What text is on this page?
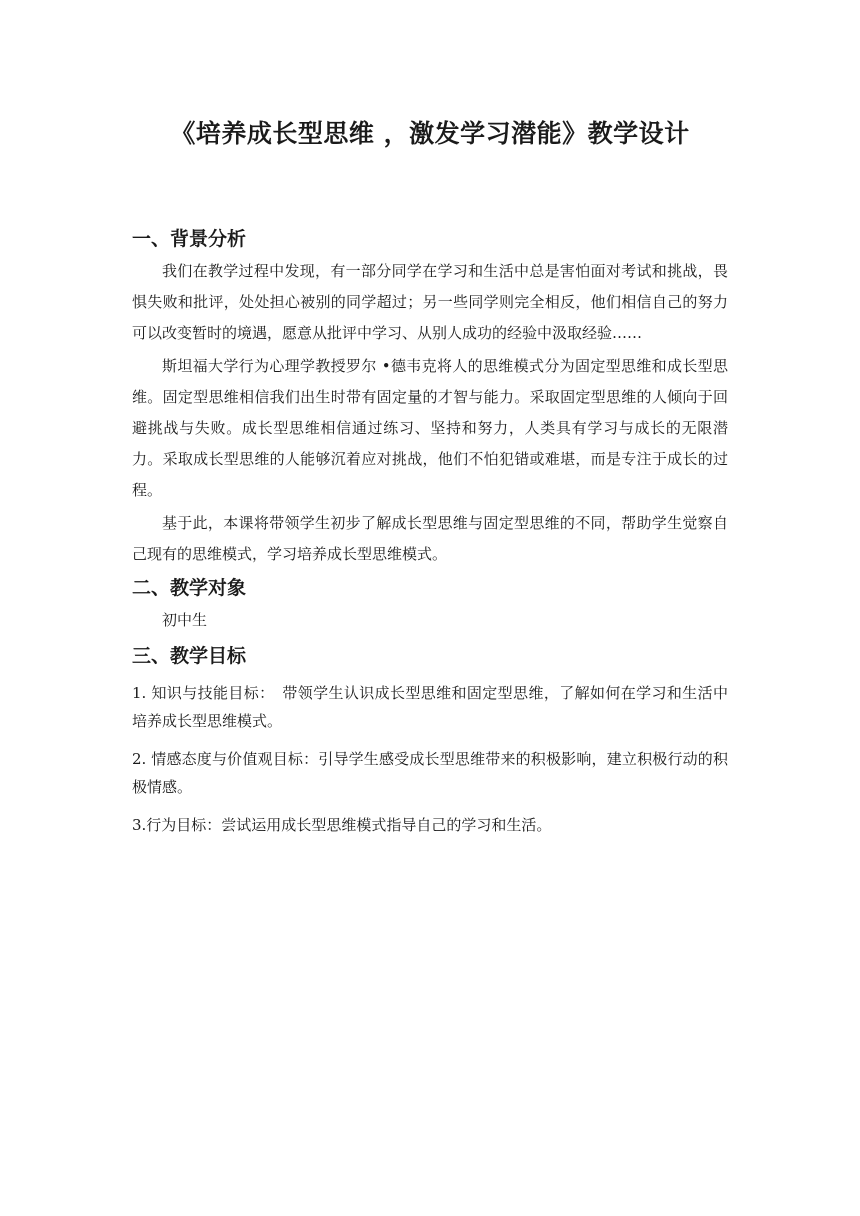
《培养成长型思维 ，激发学习潜能》教学设计
一、背景分析

我们在教学过程中发现，有一部分同学在学习和生活中总是害怕面对考试和挑战，畏惧失败和批评，处处担心被别的同学超过；另一些同学则完全相反，他们相信自己的努力可以改变暂时的境遇，愿意从批评中学习、从别人成功的经验中汲取经验……

斯坦福大学行为心理学教授罗尔 •德韦克将人的思维模式分为固定型思维和成长型思维。固定型思维相信我们出生时带有固定量的才智与能力。采取固定型思维的人倾向于回避挑战与失败。成长型思维相信通过练习、坚持和努力，人类具有学习与成长的无限潜力。采取成长型思维的人能够沉着应对挑战，他们不怕犯错或难堪，而是专注于成长的过程。

基于此，本课将带领学生初步了解成长型思维与固定型思维的不同，帮助学生觉察自己现有的思维模式，学习培养成长型思维模式。

二、教学对象

初中生

三、教学目标

1. 知识与技能目标：　带领学生认识成长型思维和固定型思维，了解如何在学习和生活中培养成长型思维模式。

2. 情感态度与价值观目标：引导学生感受成长型思维带来的积极影响，建立积极行动的积极情感。

3.行为目标：尝试运用成长型思维模式指导自己的学习和生活。
